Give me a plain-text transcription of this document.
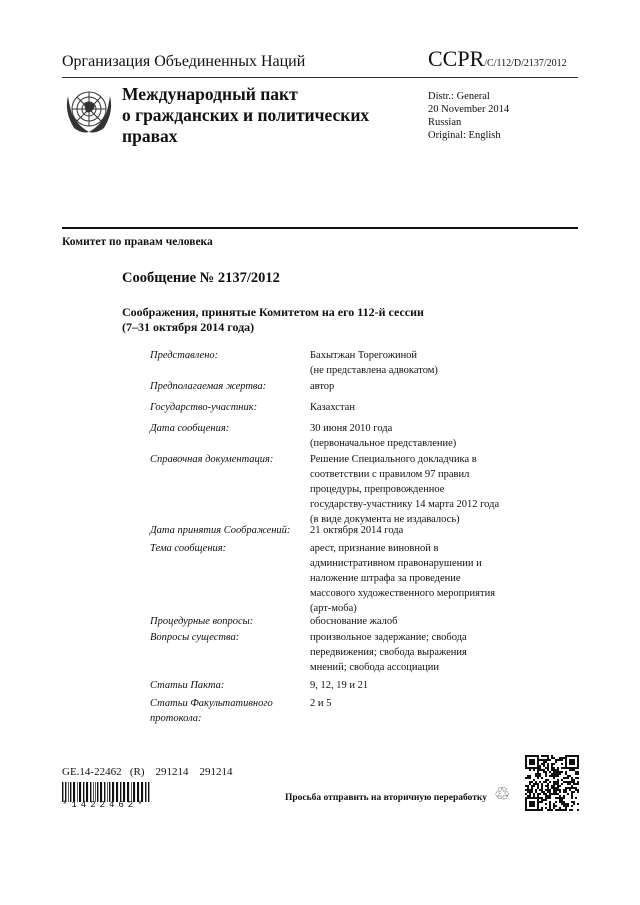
Организация Объединенных Наций	CCPR/C/112/D/2137/2012
Международный пакт
о гражданских и политических
правах
Distr.: General
20 November 2014
Russian
Original: English
Комитет по правам человека
Сообщение № 2137/2012
Соображения, принятые Комитетом на его 112-й сессии
(7–31 октября 2014 года)
Представлено:	Бахытжан Торегожиной
(не представлена адвокатом)
Предполагаемая жертва:	автор
Государство-участник:	Казахстан
Дата сообщения:	30 июня 2010 года
(первоначальное представление)
Справочная документация:	Решение Специального докладчика в
соответствии с правилом 97 правил
процедуры, препровожденное
государству-участнику 14 марта 2012 года
(в виде документа не издавалось)
Дата принятия Соображений:	21 октября 2014 года
Тема сообщения:	арест, признание виновной в
административном правонарушении и
наложение штрафа за проведение
массового художественного мероприятия
(арт-моба)
Процедурные вопросы:	обоснование жалоб
Вопросы существа:	произвольное задержание; свобода
передвижения; свобода выражения
мнений; свобода ассоциации
Статьи Пакта:	9, 12, 19 и 21
Статьи Факультативного протокола:
2 и 5
GE.14-22462   (R)    291214    291214
*1422462*
Просьба отправить на вторичную переработку ♲
